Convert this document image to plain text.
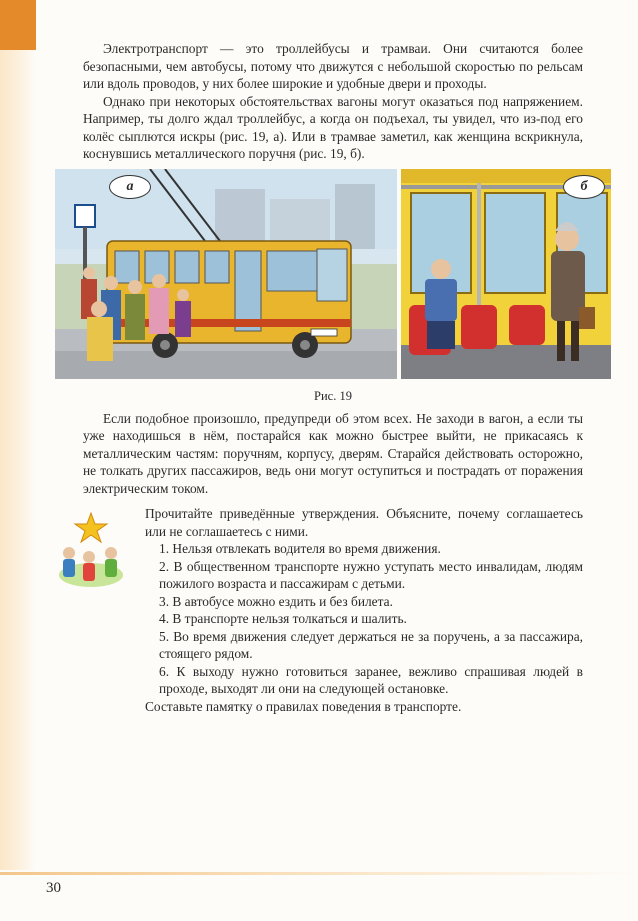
Электротранспорт — это троллейбусы и трамваи. Они считаются более безопасными, чем автобусы, потому что движутся с небольшой скоростью по рельсам или вдоль проводов, у них более широкие и удобные двери и проходы.

Однако при некоторых обстоятельствах вагоны могут оказаться под напряжением. Например, ты долго ждал троллейбус, а когда он подъехал, ты увидел, что из-под его колёс сыплются искры (рис. 19, а). Или в трамвае заметил, как женщина вскрикнула, коснувшись металлического поручня (рис. 19, б).

а	б

Рис. 19

Если подобное произошло, предупреди об этом всех. Не заходи в вагон, а если ты уже находишься в нём, постарайся как можно быстрее выйти, не прикасаясь к металлическим частям: поручням, корпусу, дверям. Старайся действовать осторожно, не толкать других пассажиров, ведь они могут оступиться и пострадать от поражения электрическим током.

Прочитайте приведённые утверждения. Объясните, почему соглашаетесь или не соглашаетесь с ними.

1. Нельзя отвлекать водителя во время движения.
2. В общественном транспорте нужно уступать место инвалидам, людям пожилого возраста и пассажирам с детьми.
3. В автобусе можно ездить и без билета.
4. В транспорте нельзя толкаться и шалить.
5. Во время движения следует держаться не за поручень, а за пассажира, стоящего рядом.
6. К выходу нужно готовиться заранее, вежливо спрашивая людей в проходе, выходят ли они на следующей остановке.

Составьте памятку о правилах поведения в транспорте.

30
